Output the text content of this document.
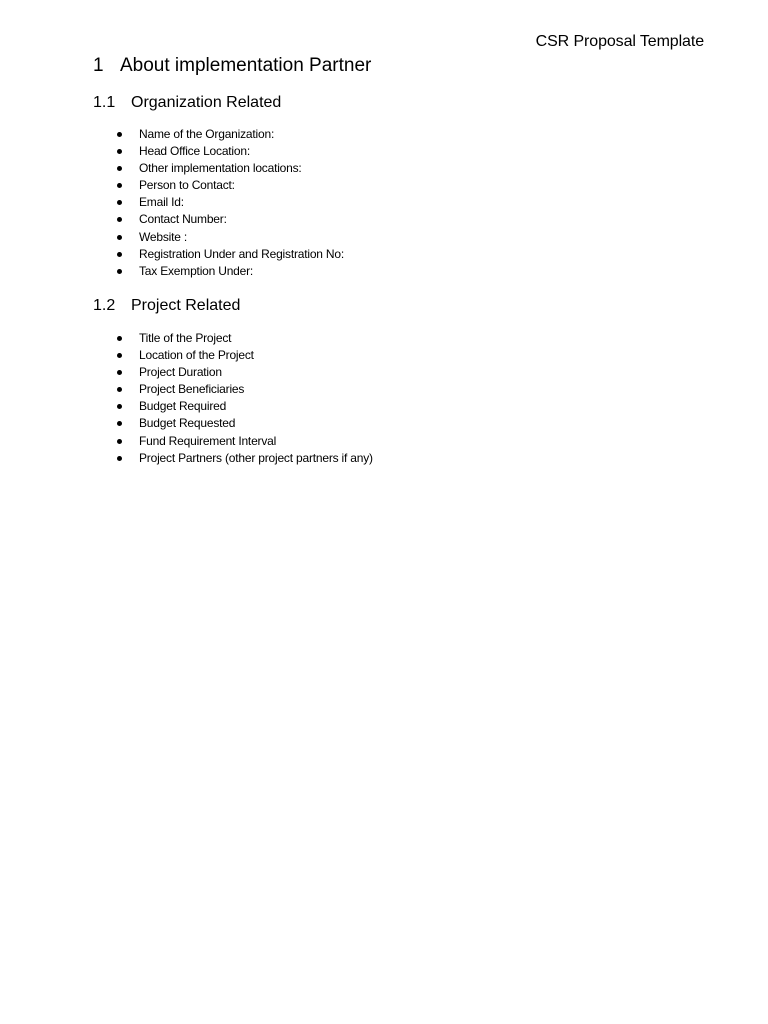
CSR Proposal Template
1 About implementation Partner
1.1 Organization Related
Name of the Organization:
Head Office Location:
Other implementation locations:
Person to Contact:
Email Id:
Contact Number:
Website :
Registration Under and Registration No:
Tax Exemption Under:
1.2 Project Related
Title of the Project
Location of the Project
Project Duration
Project Beneficiaries
Budget Required
Budget Requested
Fund Requirement Interval
Project Partners (other project partners if any)
